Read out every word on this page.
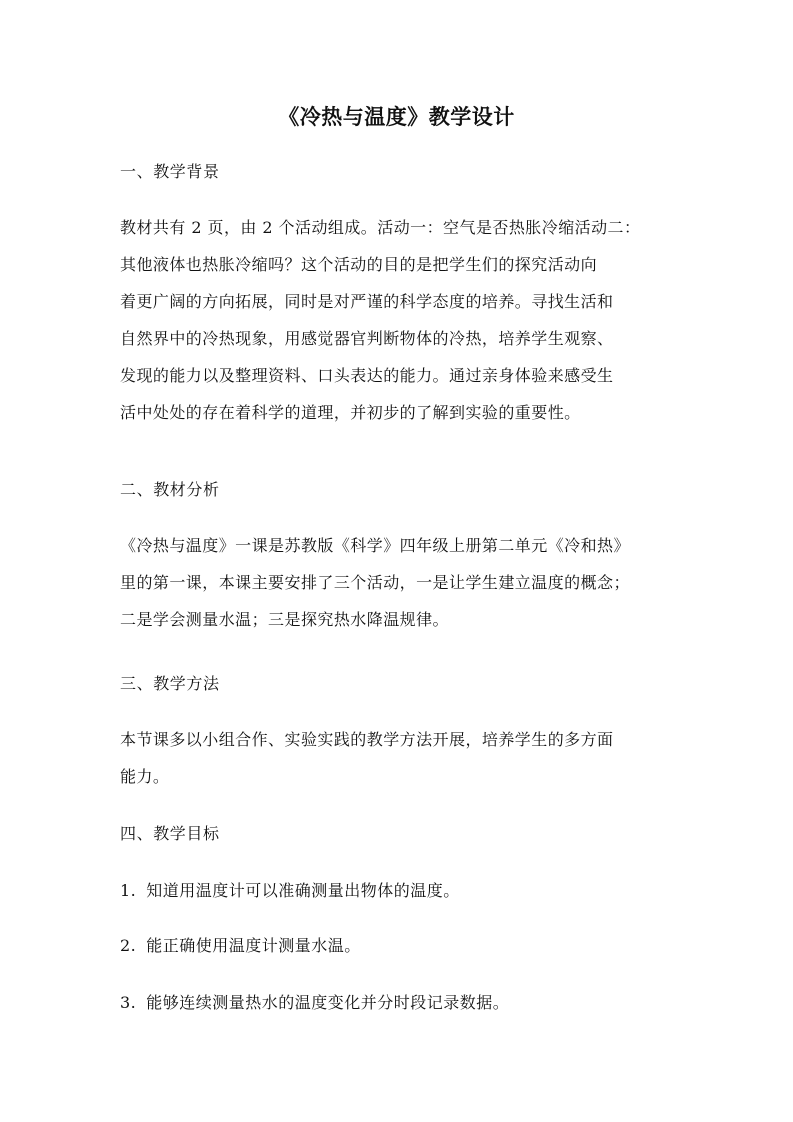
《冷热与温度》教学设计
一、教学背景
教材共有 2 页，由 2 个活动组成。活动一：空气是否热胀冷缩活动二：
其他液体也热胀冷缩吗？这个活动的目的是把学生们的探究活动向
着更广阔的方向拓展，同时是对严谨的科学态度的培养。寻找生活和
自然界中的冷热现象，用感觉器官判断物体的冷热，培养学生观察、
发现的能力以及整理资料、口头表达的能力。通过亲身体验来感受生
活中处处的存在着科学的道理，并初步的了解到实验的重要性。
二、教材分析
《冷热与温度》一课是苏教版《科学》四年级上册第二单元《冷和热》
里的第一课，本课主要安排了三个活动，一是让学生建立温度的概念；
二是学会测量水温；三是探究热水降温规律。
三、教学方法
本节课多以小组合作、实验实践的教学方法开展，培养学生的多方面
能力。
四、教学目标
1. 知道用温度计可以准确测量出物体的温度。
2. 能正确使用温度计测量水温。
3. 能够连续测量热水的温度变化并分时段记录数据。
